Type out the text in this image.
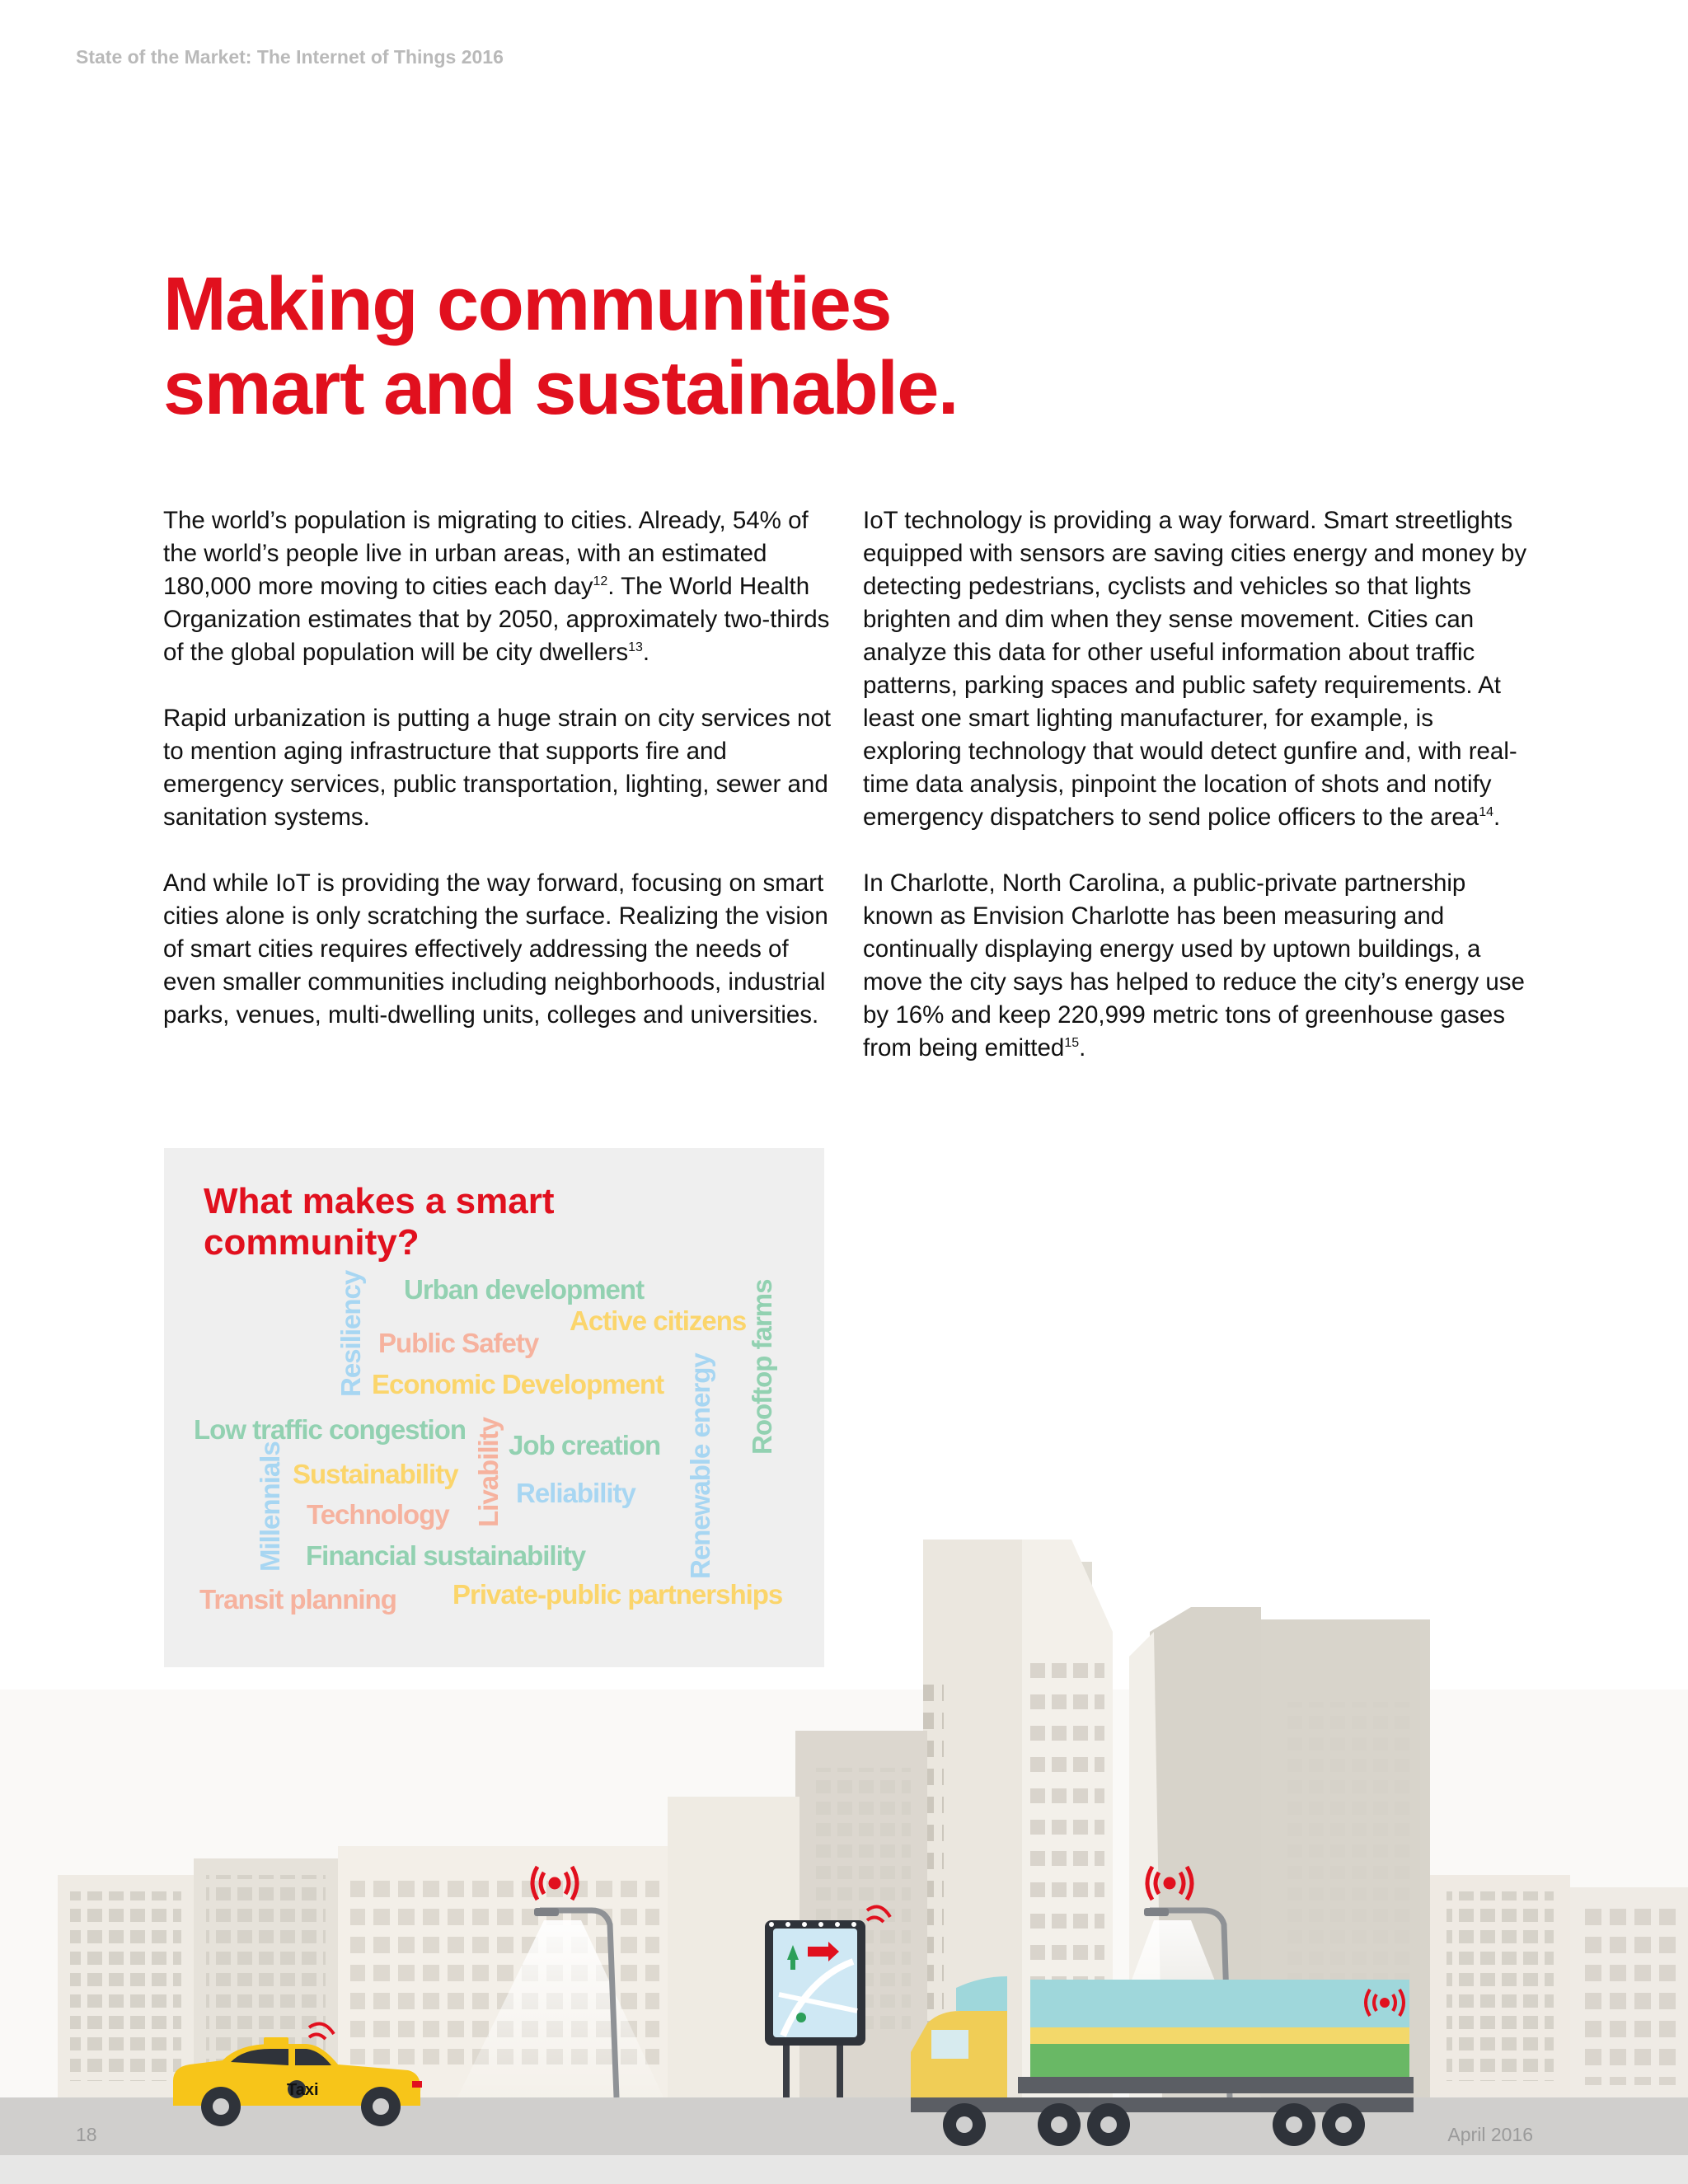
State of the Market: The Internet of Things 2016
Making communities
smart and sustainable.

The world’s population is migrating to cities. Already, 54% of the world’s people live in urban areas, with an estimated 180,000 more moving to cities each day$^{12}$. The World Health Organization estimates that by 2050, approximately two-thirds of the global population will be city dwellers$^{13}$.

Rapid urbanization is putting a huge strain on city services not to mention aging infrastructure that supports fire and emergency services, public transportation, lighting, sewer and sanitation systems.

And while IoT is providing the way forward, focusing on smart cities alone is only scratching the surface. Realizing the vision of smart cities requires effectively addressing the needs of even smaller communities including neighborhoods, industrial parks, venues, multi-dwelling units, colleges and universities.

IoT technology is providing a way forward. Smart streetlights equipped with sensors are saving cities energy and money by detecting pedestrians, cyclists and vehicles so that lights brighten and dim when they sense movement. Cities can analyze this data for other useful information about traffic patterns, parking spaces and public safety requirements. At least one smart lighting manufacturer, for example, is exploring technology that would detect gunfire and, with real-time data analysis, pinpoint the location of shots and notify emergency dispatchers to send police officers to the area$^{14}$.

In Charlotte, North Carolina, a public-private partnership known as Envision Charlotte has been measuring and continually displaying energy used by uptown buildings, a move the city says has helped to reduce the city’s energy use by 16% and keep 220,999 metric tons of greenhouse gases from being emitted$^{15}$.

Taxi
What makes a smart
community?
Urban development
Active citizens
Public Safety
Economic Development
Low traffic congestion
Job creation
Sustainability
Reliability
Technology
Financial sustainability
Transit planning Private-public partnerships
Resiliency
Millennials	Livability	Renewable energy Rooftop farms
18	April 2016
